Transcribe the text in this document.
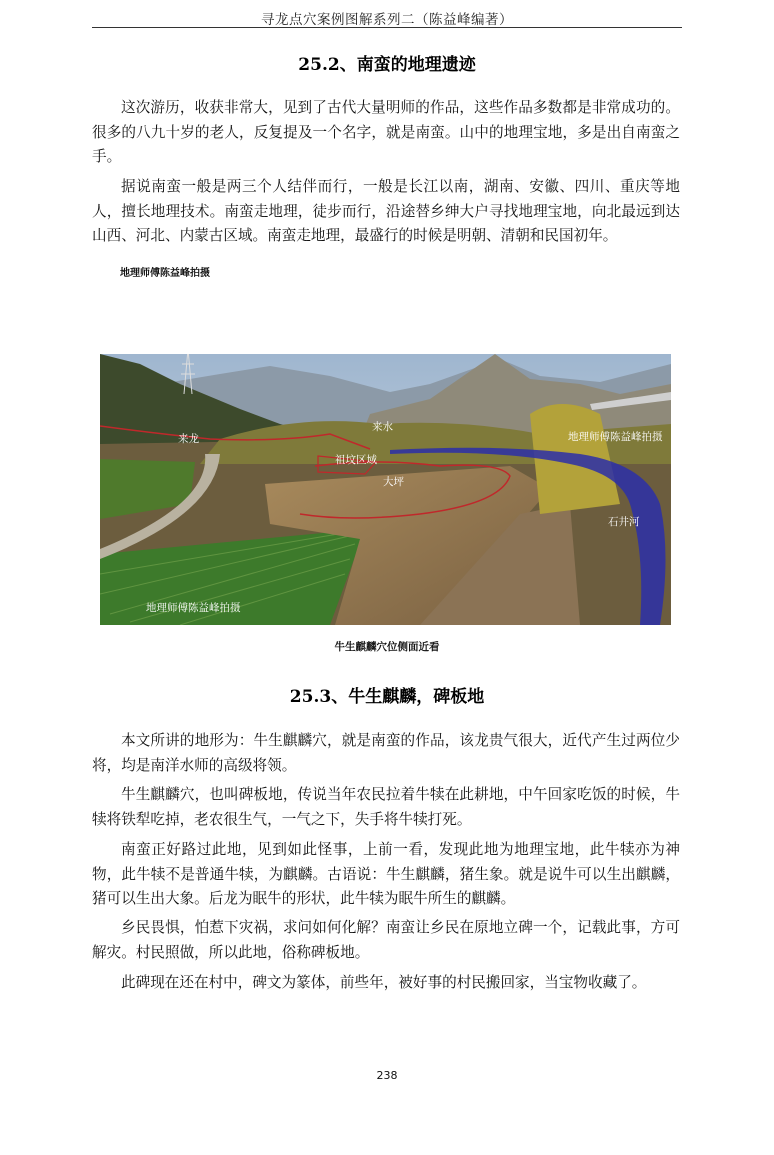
寻龙点穴案例图解系列二（陈益峰编著）
25.2、南蛮的地理遗迹

这次游历，收获非常大，见到了古代大量明师的作品，这些作品多数都是非常成功的。很多的八九十岁的老人，反复提及一个名字，就是南蛮。山中的地理宝地，多是出自南蛮之手。

据说南蛮一般是两三个人结伴而行，一般是长江以南，湖南、安徽、四川、重庆等地人，擅长地理技术。南蛮走地理，徒步而行，沿途替乡绅大户寻找地理宝地，向北最远到达山西、河北、内蒙古区域。南蛮走地理，最盛行的时候是明朝、清朝和民国初年。

地理师傅陈益峰拍摄
来龙
来水
祖坟区域
大坪
石井河
地理师傅陈益峰拍摄
地理师傅陈益峰拍摄
牛生麒麟穴位侧面近看
25.3、牛生麒麟，碑板地

本文所讲的地形为：牛生麒麟穴，就是南蛮的作品，该龙贵气很大，近代产生过两位少将，均是南洋水师的高级将领。

牛生麒麟穴，也叫碑板地，传说当年农民拉着牛犊在此耕地，中午回家吃饭的时候，牛犊将铁犁吃掉，老农很生气，一气之下，失手将牛犊打死。

南蛮正好路过此地，见到如此怪事，上前一看，发现此地为地理宝地，此牛犊亦为神物，此牛犊不是普通牛犊，为麒麟。古语说：牛生麒麟，猪生象。就是说牛可以生出麒麟，猪可以生出大象。后龙为眠牛的形状，此牛犊为眠牛所生的麒麟。

乡民畏惧，怕惹下灾祸，求问如何化解？南蛮让乡民在原地立碑一个，记载此事，方可解灾。村民照做，所以此地，俗称碑板地。

此碑现在还在村中，碑文为篆体，前些年，被好事的村民搬回家，当宝物收藏了。

238
